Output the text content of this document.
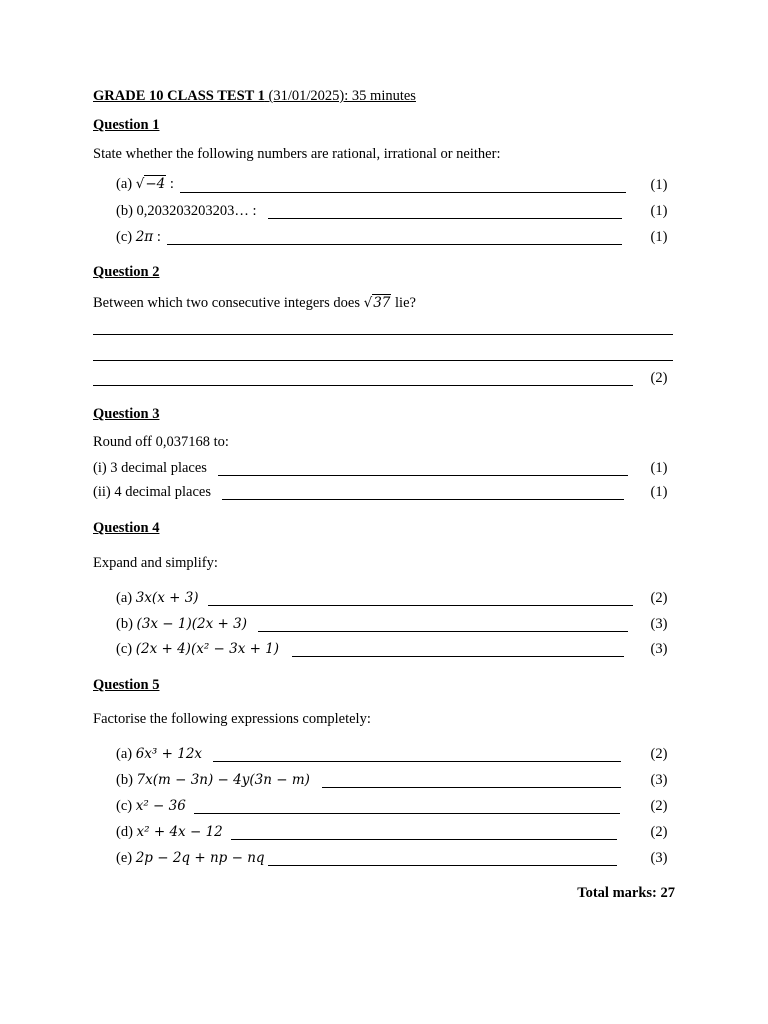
GRADE 10 CLASS TEST 1 (31/01/2025): 35 minutes
Question 1
State whether the following numbers are rational, irrational or neither:
(a) √−4 :	(1)
(b) 0,203203203203… :	(1)
(c) 2π :	(1)
Question 2
Between which two consecutive integers does √37 lie?
(2)
Question 3
Round off 0,037168 to:
(i) 3 decimal places	(1)
(ii) 4 decimal places	(1)
Question 4
Expand and simplify:
(a) 3x(x + 3)	(2)
(b) (3x − 1)(2x + 3)	(3)
(c) (2x + 4)(x² − 3x + 1)	(3)
Question 5
Factorise the following expressions completely:
(a) 6x³ + 12x	(2)
(b) 7x(m − 3n) − 4y(3n − m)	(3)
(c) x² − 36	(2)
(d) x² + 4x − 12	(2)
(e) 2p − 2q + np − nq	(3)
Total marks: 27
